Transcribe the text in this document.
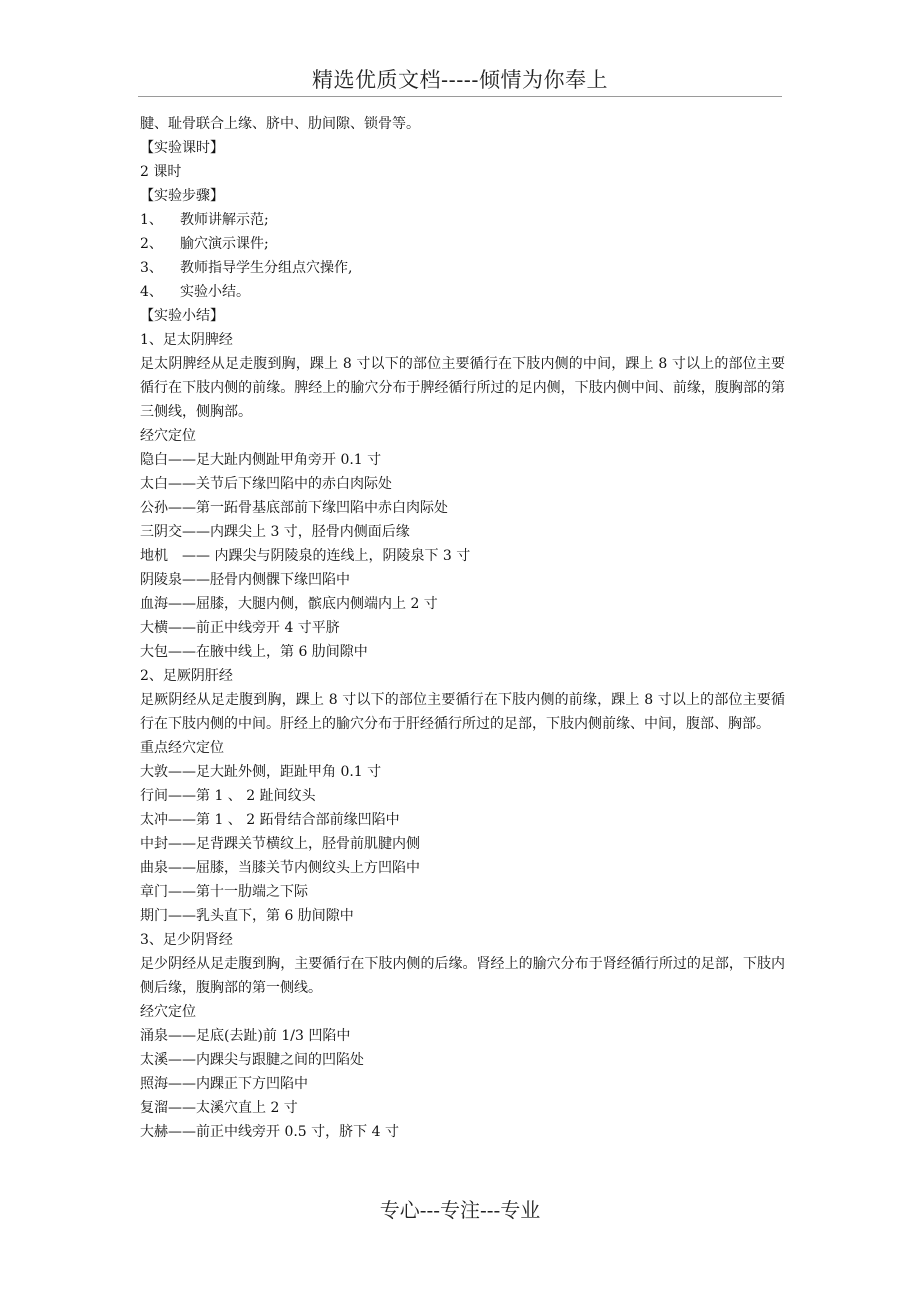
精选优质文档-----倾情为你奉上
腱、耻骨联合上缘、脐中、肋间隙、锁骨等。
【实验课时】
2 课时
【实验步骤】
1、 教师讲解示范;
2、 腧穴演示课件;
3、 教师指导学生分组点穴操作,
4、 实验小结。
【实验小结】
1、足太阴脾经
足太阴脾经从足走腹到胸，踝上 8 寸以下的部位主要循行在下肢内侧的中间，踝上 8 寸以上的部位主要循行在下肢内侧的前缘。脾经上的腧穴分布于脾经循行所过的足内侧，下肢内侧中间、前缘，腹胸部的第三侧线，侧胸部。
经穴定位
隐白——足大趾内侧趾甲角旁开 0.1 寸
太白——关节后下缘凹陷中的赤白肉际处
公孙——第一跖骨基底部前下缘凹陷中赤白肉际处
三阴交——内踝尖上 3 寸，胫骨内侧面后缘
地机　—— 内踝尖与阴陵泉的连线上，阴陵泉下 3 寸
阴陵泉——胫骨内侧髁下缘凹陷中
血海——屈膝，大腿内侧，髌底内侧端内上 2 寸
大横——前正中线旁开 4 寸平脐
大包——在腋中线上，第 6 肋间隙中
2、足厥阴肝经
足厥阴经从足走腹到胸，踝上 8 寸以下的部位主要循行在下肢内侧的前缘，踝上 8 寸以上的部位主要循行在下肢内侧的中间。肝经上的腧穴分布于肝经循行所过的足部，下肢内侧前缘、中间，腹部、胸部。
重点经穴定位
大敦——足大趾外侧，距趾甲角 0.1 寸
行间——第 1 、 2 趾间纹头
太冲——第 1 、 2 跖骨结合部前缘凹陷中
中封——足背踝关节横纹上，胫骨前肌腱内侧
曲泉——屈膝，当膝关节内侧纹头上方凹陷中
章门——第十一肋端之下际
期门——乳头直下，第 6 肋间隙中
3、足少阴肾经
足少阴经从足走腹到胸，主要循行在下肢内侧的后缘。肾经上的腧穴分布于肾经循行所过的足部，下肢内侧后缘，腹胸部的第一侧线。
经穴定位
涌泉——足底(去趾)前 1/3 凹陷中
太溪——内踝尖与跟腱之间的凹陷处
照海——内踝正下方凹陷中
复溜——太溪穴直上 2 寸
大赫——前正中线旁开 0.5 寸，脐下 4 寸
专心---专注---专业
